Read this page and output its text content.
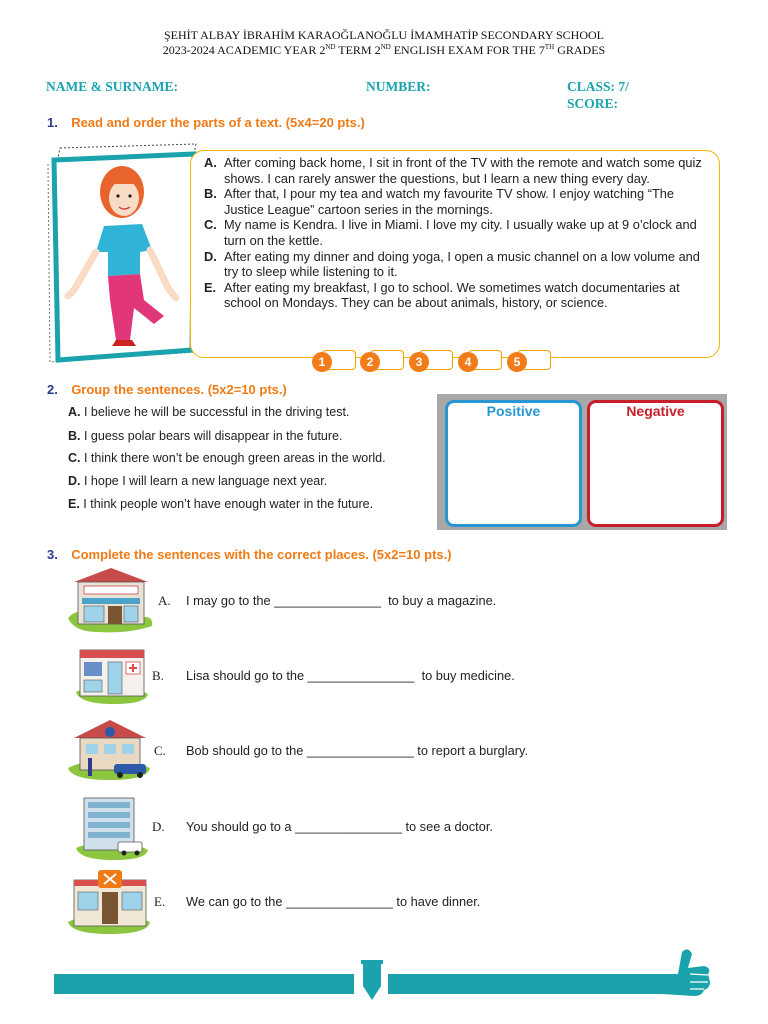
ŞEHİT ALBAY İBRAHİM KARAOĞLANOĞLU İMAMHATİP SECONDARY SCHOOL
2023-2024 ACADEMIC YEAR 2ND TERM 2ND ENGLISH EXAM FOR THE 7TH GRADES
NAME & SURNAME:	NUMBER:	CLASS: 7/
SCORE:
1. Read and order the parts of a text. (5x4=20 pts.)
A. After coming back home, I sit in front of the TV with the remote and watch some quiz shows. I can rarely answer the questions, but I learn a new thing every day.
B. After that, I pour my tea and watch my favourite TV show. I enjoy watching “The Justice League” cartoon series in the mornings.
C. My name is Kendra. I live in Miami. I love my city. I usually wake up at 9 o’clock and turn on the kettle.
D. After eating my dinner and doing yoga, I open a music channel on a low volume and try to sleep while listening to it.
E. After eating my breakfast, I go to school. We sometimes watch documentaries at school on Mondays. They can be about animals, history, or science.
1	2	3	4	5
2. Group the sentences. (5x2=10 pts.)
A. I believe he will be successful in the driving test.
B. I guess polar bears will disappear in the future.
C. I think there won’t be enough green areas in the world.
D. I hope I will learn a new language next year.
E. I think people won’t have enough water in the future.
Positive	Negative
3. Complete the sentences with the correct places. (5x2=10 pts.)
A. I may go to the _______________ to buy a magazine.
B. Lisa should go to the _______________ to buy medicine.
C. Bob should go to the _______________ to report a burglary.
D. You should go to a _______________ to see a doctor.
E. We can go to the _______________ to have dinner.
